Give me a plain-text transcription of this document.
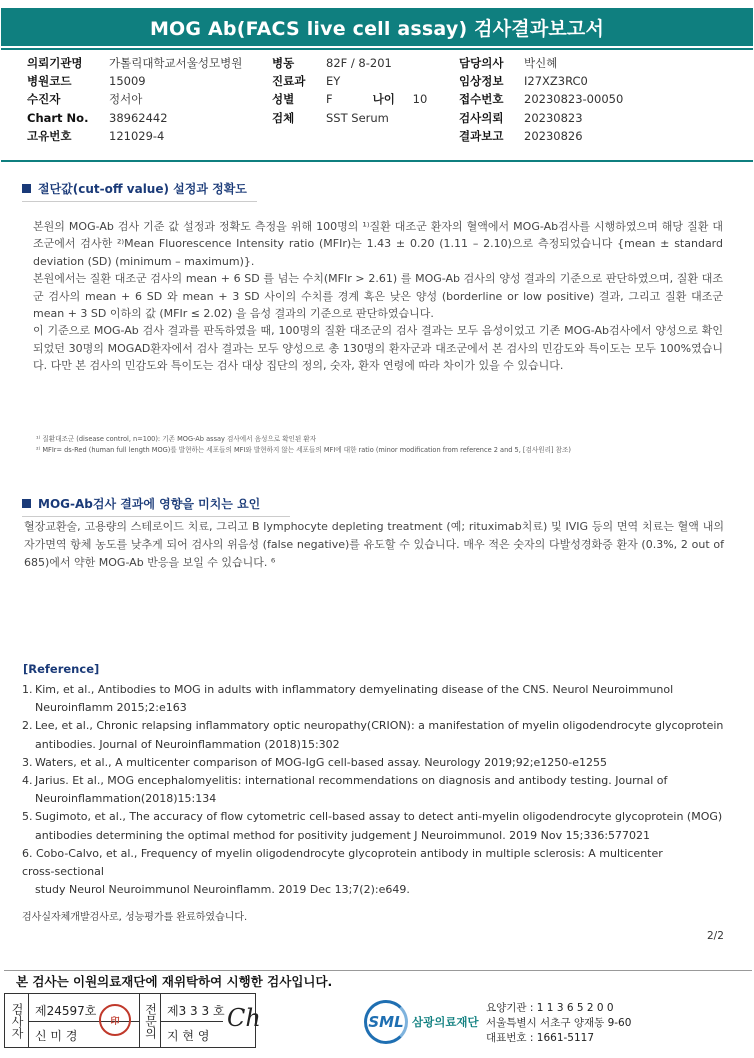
MOG Ab(FACS live cell assay) 검사결과보고서
의뢰기관명	가톨릭대학교서울성모병원
병원코드	15009
수진자	정서아
Chart No.	38962442
고유번호	121029-4
병동	82F / 8-201
진료과	EY
성별	F	나이	10
검체	SST Serum
담당의사	박신혜
임상정보	I27XZ3RC0
접수번호	20230823-00050
검사의뢰	20230823
결과보고	20230826
절단값(cut-off value) 설정과 정확도

본원의 MOG-Ab 검사 기준 값 설정과 정확도 측정을 위해 100명의 ¹⁾질환 대조군 환자의 혈액에서 MOG-Ab검사를 시행하였으며 해당 질환 대조군에서 검사한 ²⁾Mean Fluorescence Intensity ratio (MFIr)는 1.43 ± 0.20 (1.11 – 2.10)으로 측정되었습니다 {mean ± standard deviation (SD) (minimum – maximum)}.

본원에서는 질환 대조군 검사의 mean + 6 SD 를 넘는 수치(MFIr > 2.61) 를 MOG-Ab 검사의 양성 결과의 기준으로 판단하였으며, 질환 대조군 검사의 mean + 6 SD 와 mean + 3 SD 사이의 수치를 경계 혹은 낮은 양성 (borderline or low positive) 결과, 그리고 질환 대조군 mean + 3 SD 이하의 값 (MFIr ≤ 2.02) 을 음성 결과의 기준으로 판단하였습니다.

이 기준으로 MOG-Ab 검사 결과를 판독하였을 때, 100명의 질환 대조군의 검사 결과는 모두 음성이었고 기존 MOG-Ab검사에서 양성으로 확인되었던 30명의 MOGAD환자에서 검사 결과는 모두 양성으로 총 130명의 환자군과 대조군에서 본 검사의 민감도와 특이도는 모두 100%였습니다. 다만 본 검사의 민감도와 특이도는 검사 대상 집단의 정의, 숫자, 환자 연령에 따라 차이가 있을 수 있습니다.

¹⁾ 질환대조군 (disease control, n=100): 기존 MOG-Ab assay 검사에서 음성으로 확인된 환자
²⁾ MFIr= ds-Red (human full length MOG)를 발현하는 세포들의 MFI와 발현하지 않는 세포들의 MFI에 대한 ratio (minor modification from reference 2 and 5, [검사원리] 참조)
MOG-Ab검사 결과에 영향을 미치는 요인

혈장교환술, 고용량의 스테로이드 치료, 그리고 B lymphocyte depleting treatment (예; rituximab치료) 및 IVIG 등의 면역 치료는 혈액 내의 자가면역 항체 농도를 낮추게 되어 검사의 위음성 (false negative)를 유도할 수 있습니다. 매우 적은 숫자의 다발성경화증 환자 (0.3%, 2 out of 685)에서 약한 MOG-Ab 반응을 보일 수 있습니다. ⁶

[Reference]
1. Kim, et al., Antibodies to MOG in adults with inflammatory demyelinating disease of the CNS. Neurol Neuroimmunol Neuroinflamm 2015;2:e163
2. Lee, et al., Chronic relapsing inflammatory optic neuropathy(CRION): a manifestation of myelin oligodendrocyte glycoprotein antibodies. Journal of Neuroinflammation (2018)15:302
3. Waters, et al., A multicenter comparison of MOG-IgG cell-based assay. Neurology 2019;92;e1250-e1255
4. Jarius. Et al., MOG encephalomyelitis: international recommendations on diagnosis and antibody testing. Journal of Neuroinflammation(2018)15:134
5. Sugimoto, et al., The accuracy of flow cytometric cell-based assay to detect anti-myelin oligodendrocyte glycoprotein (MOG) antibodies determining the optimal method for positivity judgement J Neuroimmunol. 2019 Nov 15;336:577021
6. Cobo-Calvo, et al., Frequency of myelin oligodendrocyte glycoprotein antibody in multiple sclerosis: A multicenter
cross-sectional
study Neurol Neuroimmunol Neuroinflamm. 2019 Dec 13;7(2):e649.
검사실자체개발검사로, 성능평가를 완료하였습니다.
2/2
본 검사는 이원의료재단에 재위탁하여 시행한 검사입니다.
검사자 제24597호
신 미 경
印	전문의 제3 3 3 호
지 현 영
Ch	SML 삼광의료재단
요양기관 : 1 1 3 6 5 2 0 0
서울특별시 서초구 양재동 9-60
대표번호 : 1661-5117
